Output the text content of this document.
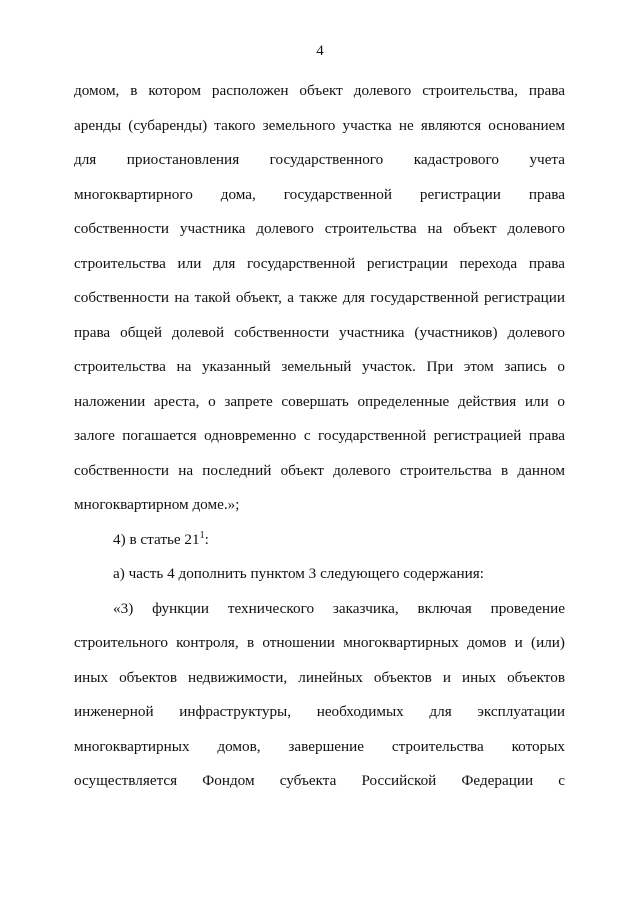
4
домом, в котором расположен объект долевого строительства, права
аренды (субаренды) такого земельного участка не являются основанием
для приостановления государственного кадастрового учета
многоквартирного дома, государственной регистрации права
собственности участника долевого строительства на объект долевого
строительства или для государственной регистрации перехода права
собственности на такой объект, а также для государственной регистрации
права общей долевой собственности участника (участников) долевого
строительства на указанный земельный участок. При этом запись о
наложении ареста, о запрете совершать определенные действия или о
залоге погашается одновременно с государственной регистрацией права
собственности на последний объект долевого строительства в данном
многоквартирном доме.»;
4) в статье $21^1$:
а) часть 4 дополнить пунктом 3 следующего содержания:
«3) функции технического заказчика, включая проведение
строительного контроля, в отношении многоквартирных домов и (или)
иных объектов недвижимости, линейных объектов и иных объектов
инженерной инфраструктуры, необходимых для эксплуатации
многоквартирных домов, завершение строительства которых
осуществляется Фондом субъекта Российской Федерации с
